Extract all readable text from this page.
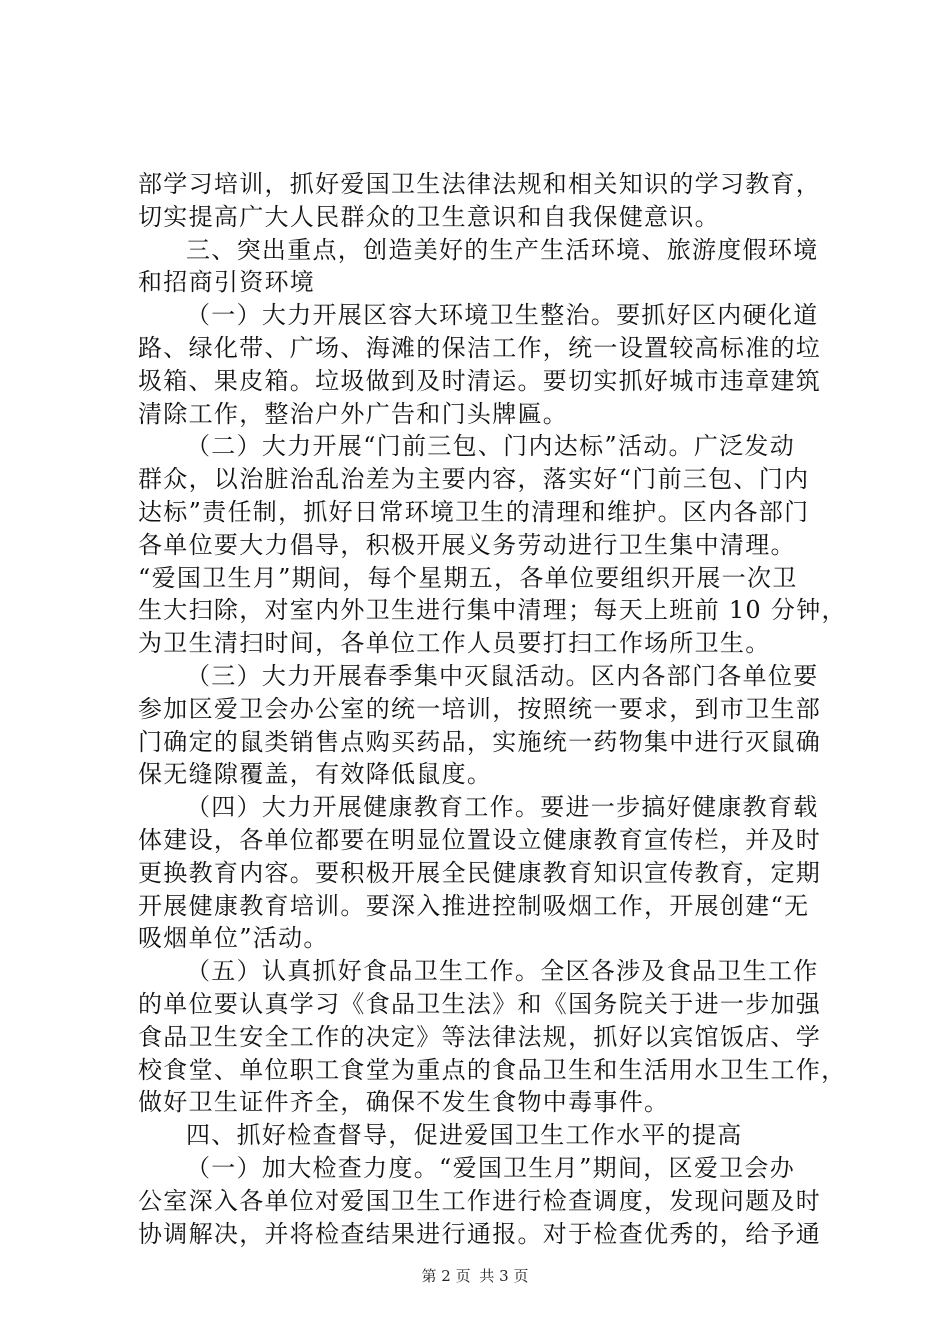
部学习培训，抓好爱国卫生法律法规和相关知识的学习教育，
切实提高广大人民群众的卫生意识和自我保健意识。
三、突出重点，创造美好的生产生活环境、旅游度假环境
和招商引资环境
（一）大力开展区容大环境卫生整治。要抓好区内硬化道
路、绿化带、广场、海滩的保洁工作，统一设置较高标准的垃
圾箱、果皮箱。垃圾做到及时清运。要切实抓好城市违章建筑
清除工作，整治户外广告和门头牌匾。
（二）大力开展“门前三包、门内达标”活动。广泛发动
群众，以治脏治乱治差为主要内容，落实好“门前三包、门内
达标”责任制，抓好日常环境卫生的清理和维护。区内各部门
各单位要大力倡导，积极开展义务劳动进行卫生集中清理。
“爱国卫生月”期间，每个星期五，各单位要组织开展一次卫
生大扫除，对室内外卫生进行集中清理；每天上班前 10 分钟，
为卫生清扫时间，各单位工作人员要打扫工作场所卫生。
（三）大力开展春季集中灭鼠活动。区内各部门各单位要
参加区爱卫会办公室的统一培训，按照统一要求，到市卫生部
门确定的鼠类销售点购买药品，实施统一药物集中进行灭鼠确
保无缝隙覆盖，有效降低鼠度。
（四）大力开展健康教育工作。要进一步搞好健康教育载
体建设，各单位都要在明显位置设立健康教育宣传栏，并及时
更换教育内容。要积极开展全民健康教育知识宣传教育，定期
开展健康教育培训。要深入推进控制吸烟工作，开展创建“无
吸烟单位”活动。
（五）认真抓好食品卫生工作。全区各涉及食品卫生工作
的单位要认真学习《食品卫生法》和《国务院关于进一步加强
食品卫生安全工作的决定》等法律法规，抓好以宾馆饭店、学
校食堂、单位职工食堂为重点的食品卫生和生活用水卫生工作，
做好卫生证件齐全，确保不发生食物中毒事件。
四、抓好检查督导，促进爱国卫生工作水平的提高
（一）加大检查力度。“爱国卫生月”期间，区爱卫会办
公室深入各单位对爱国卫生工作进行检查调度，发现问题及时
协调解决，并将检查结果进行通报。对于检查优秀的，给予通
第 2 页 共 3 页
